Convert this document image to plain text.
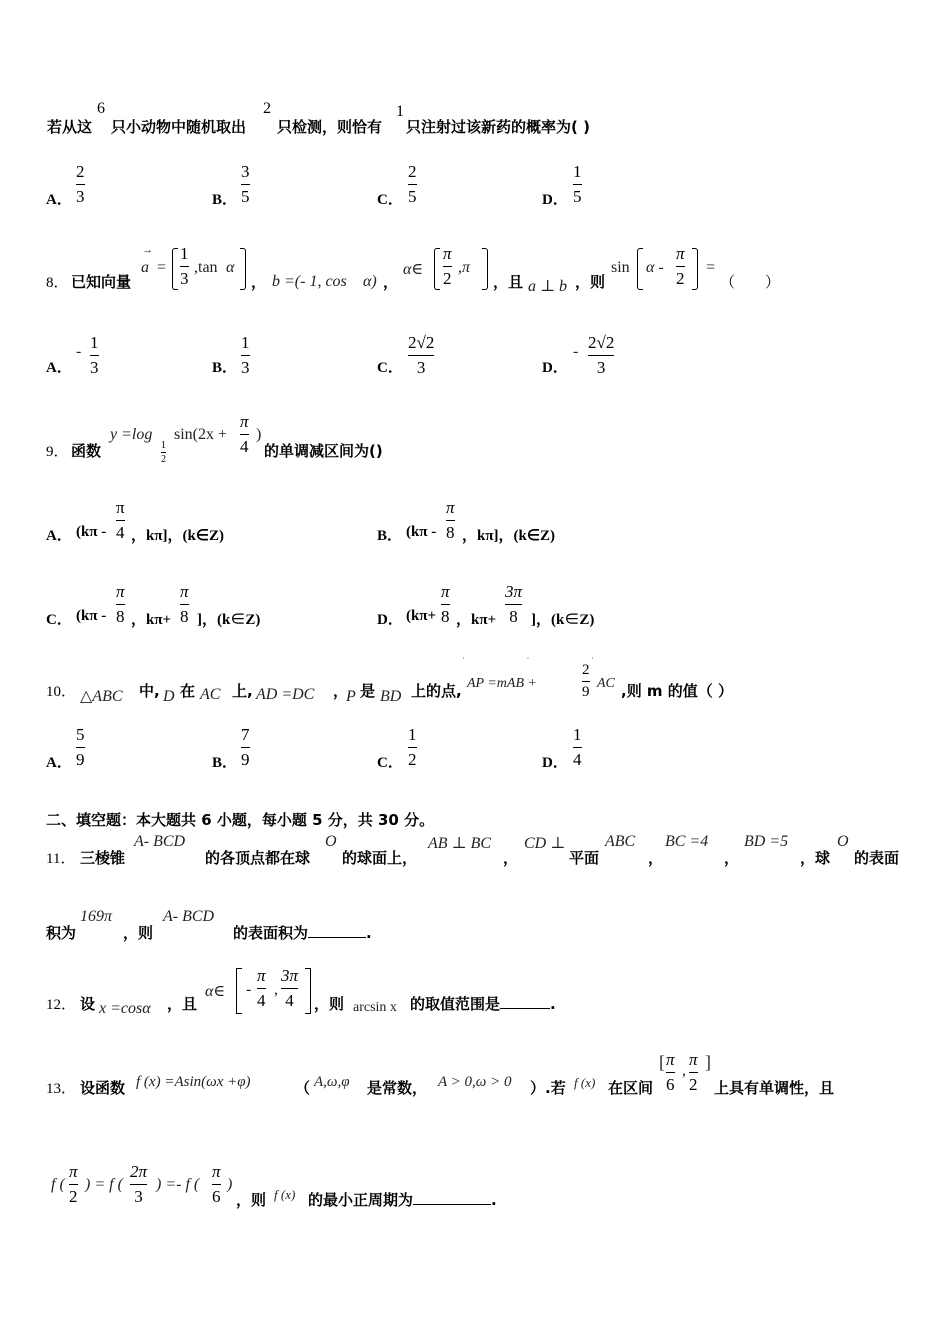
若从这
6
只小动物中随机取出
2
只检测，则恰有
1
只注射过该新药的概率为( )
A．
2
3	B．
3
5	C．
2
5	D．
1
5
8． 已知向量
→
a =
1
3
,tan α
， b =(- 1, cos α) ，
α∈
π
2
,π
，且 a ⊥ b ，则
sin α -
π
2
=
（　　）
A．
- 1
3	B．
1
3	C．
2√2
3	D．
- 2√2
3
9． 函数
y =log
1
2
sin(2x +
π
4
)
的单调减区间为()
A． (kπ -
π
4 ，kπ]，(k∈Z)	B． (kπ -
π
8 ，kπ]，(k∈Z)
C． (kπ -
π
8 ，kπ+
π
8 ]，(k∈Z)	D． (kπ+
π
8 ，kπ+
3π
8 ]，(k∈Z)
10． △ABC 中, D 在 AC 上, AD =DC ，
P 是 BD 上的点,
· · ·
AP =mAB +
2
9
AC ,则 m 的值（ ）
A．
5
9	B．
7
9	C．
1
2	D．
1
4
二、填空题：本大题共 6 小题，每小题 5 分，共 30 分。
11． 三棱锥
A- BCD
的各顶点都在球
O
的球面上，
AB ⊥ BC
，
CD ⊥
平面
ABC
，
BC =4
，
BD =5
，球
O
的表面
积为
169π
，则
A- BCD
的表面积为	.
12． 设 x =cosα ，且
α∈ -
π
4
,
3π
4 ，则 arcsin x 的取值范围是	.
13． 设函数 f (x) =Asin(ωx +φ)	（ A,ω,φ 是常数， A > 0,ω > 0 ）.若 f (x) 在区间
[ π
6
,
π
2
]
上具有单调性，且
f (
π
2
) = f (
2π
3
) =- f (
π
6
)
，则 f (x) 的最小正周期为	.
